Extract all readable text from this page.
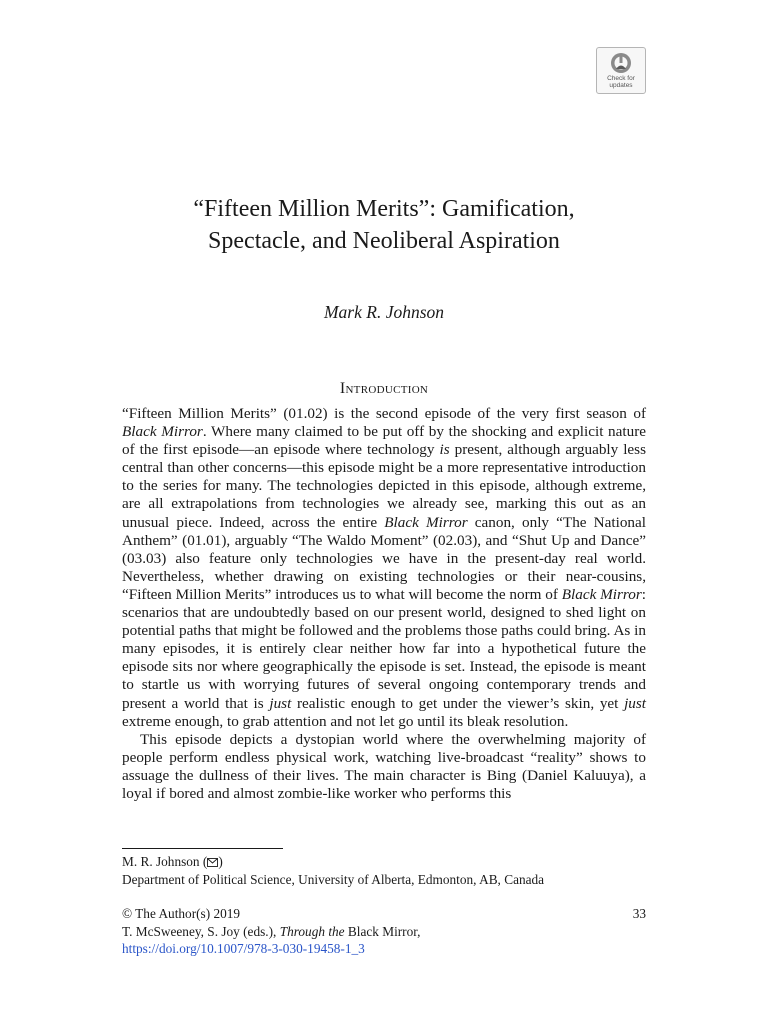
Check for
updates
“Fifteen Million Merits”: Gamification,
Spectacle, and Neoliberal Aspiration
Mark R. Johnson
Introduction

“Fifteen Million Merits” (01.02) is the second episode of the very first season of Black Mirror. Where many claimed to be put off by the shocking and explicit nature of the first episode—an episode where technology is present, although arguably less central than other concerns—this episode might be a more representative introduction to the series for many. The technologies depicted in this episode, although extreme, are all extrapolations from technologies we already see, marking this out as an unusual piece. Indeed, across the entire Black Mirror canon, only “The National Anthem” (01.01), arguably “The Waldo Moment” (02.03), and “Shut Up and Dance” (03.03) also feature only technologies we have in the present-day real world. Nevertheless, whether drawing on existing technologies or their near-cousins, “Fifteen Million Merits” introduces us to what will become the norm of Black Mirror: scenarios that are undoubtedly based on our present world, designed to shed light on potential paths that might be followed and the problems those paths could bring. As in many episodes, it is entirely clear neither how far into a hypothetical future the episode sits nor where geographically the episode is set. Instead, the episode is meant to startle us with worrying futures of several ongoing contemporary trends and present a world that is just realistic enough to get under the viewer’s skin, yet just extreme enough, to grab attention and not let go until its bleak resolution.

This episode depicts a dystopian world where the overwhelming majority of people perform endless physical work, watching live-broadcast “reality” shows to assuage the dullness of their lives. The main character is Bing (Daniel Kaluuya), a loyal if bored and almost zombie-like worker who performs this

M. R. Johnson ( )
Department of Political Science, University of Alberta, Edmonton, AB, Canada
© The Author(s) 2019
T. McSweeney, S. Joy (eds.), Through the Black Mirror,
https://doi.org/10.1007/978-3-030-19458-1_3
33
